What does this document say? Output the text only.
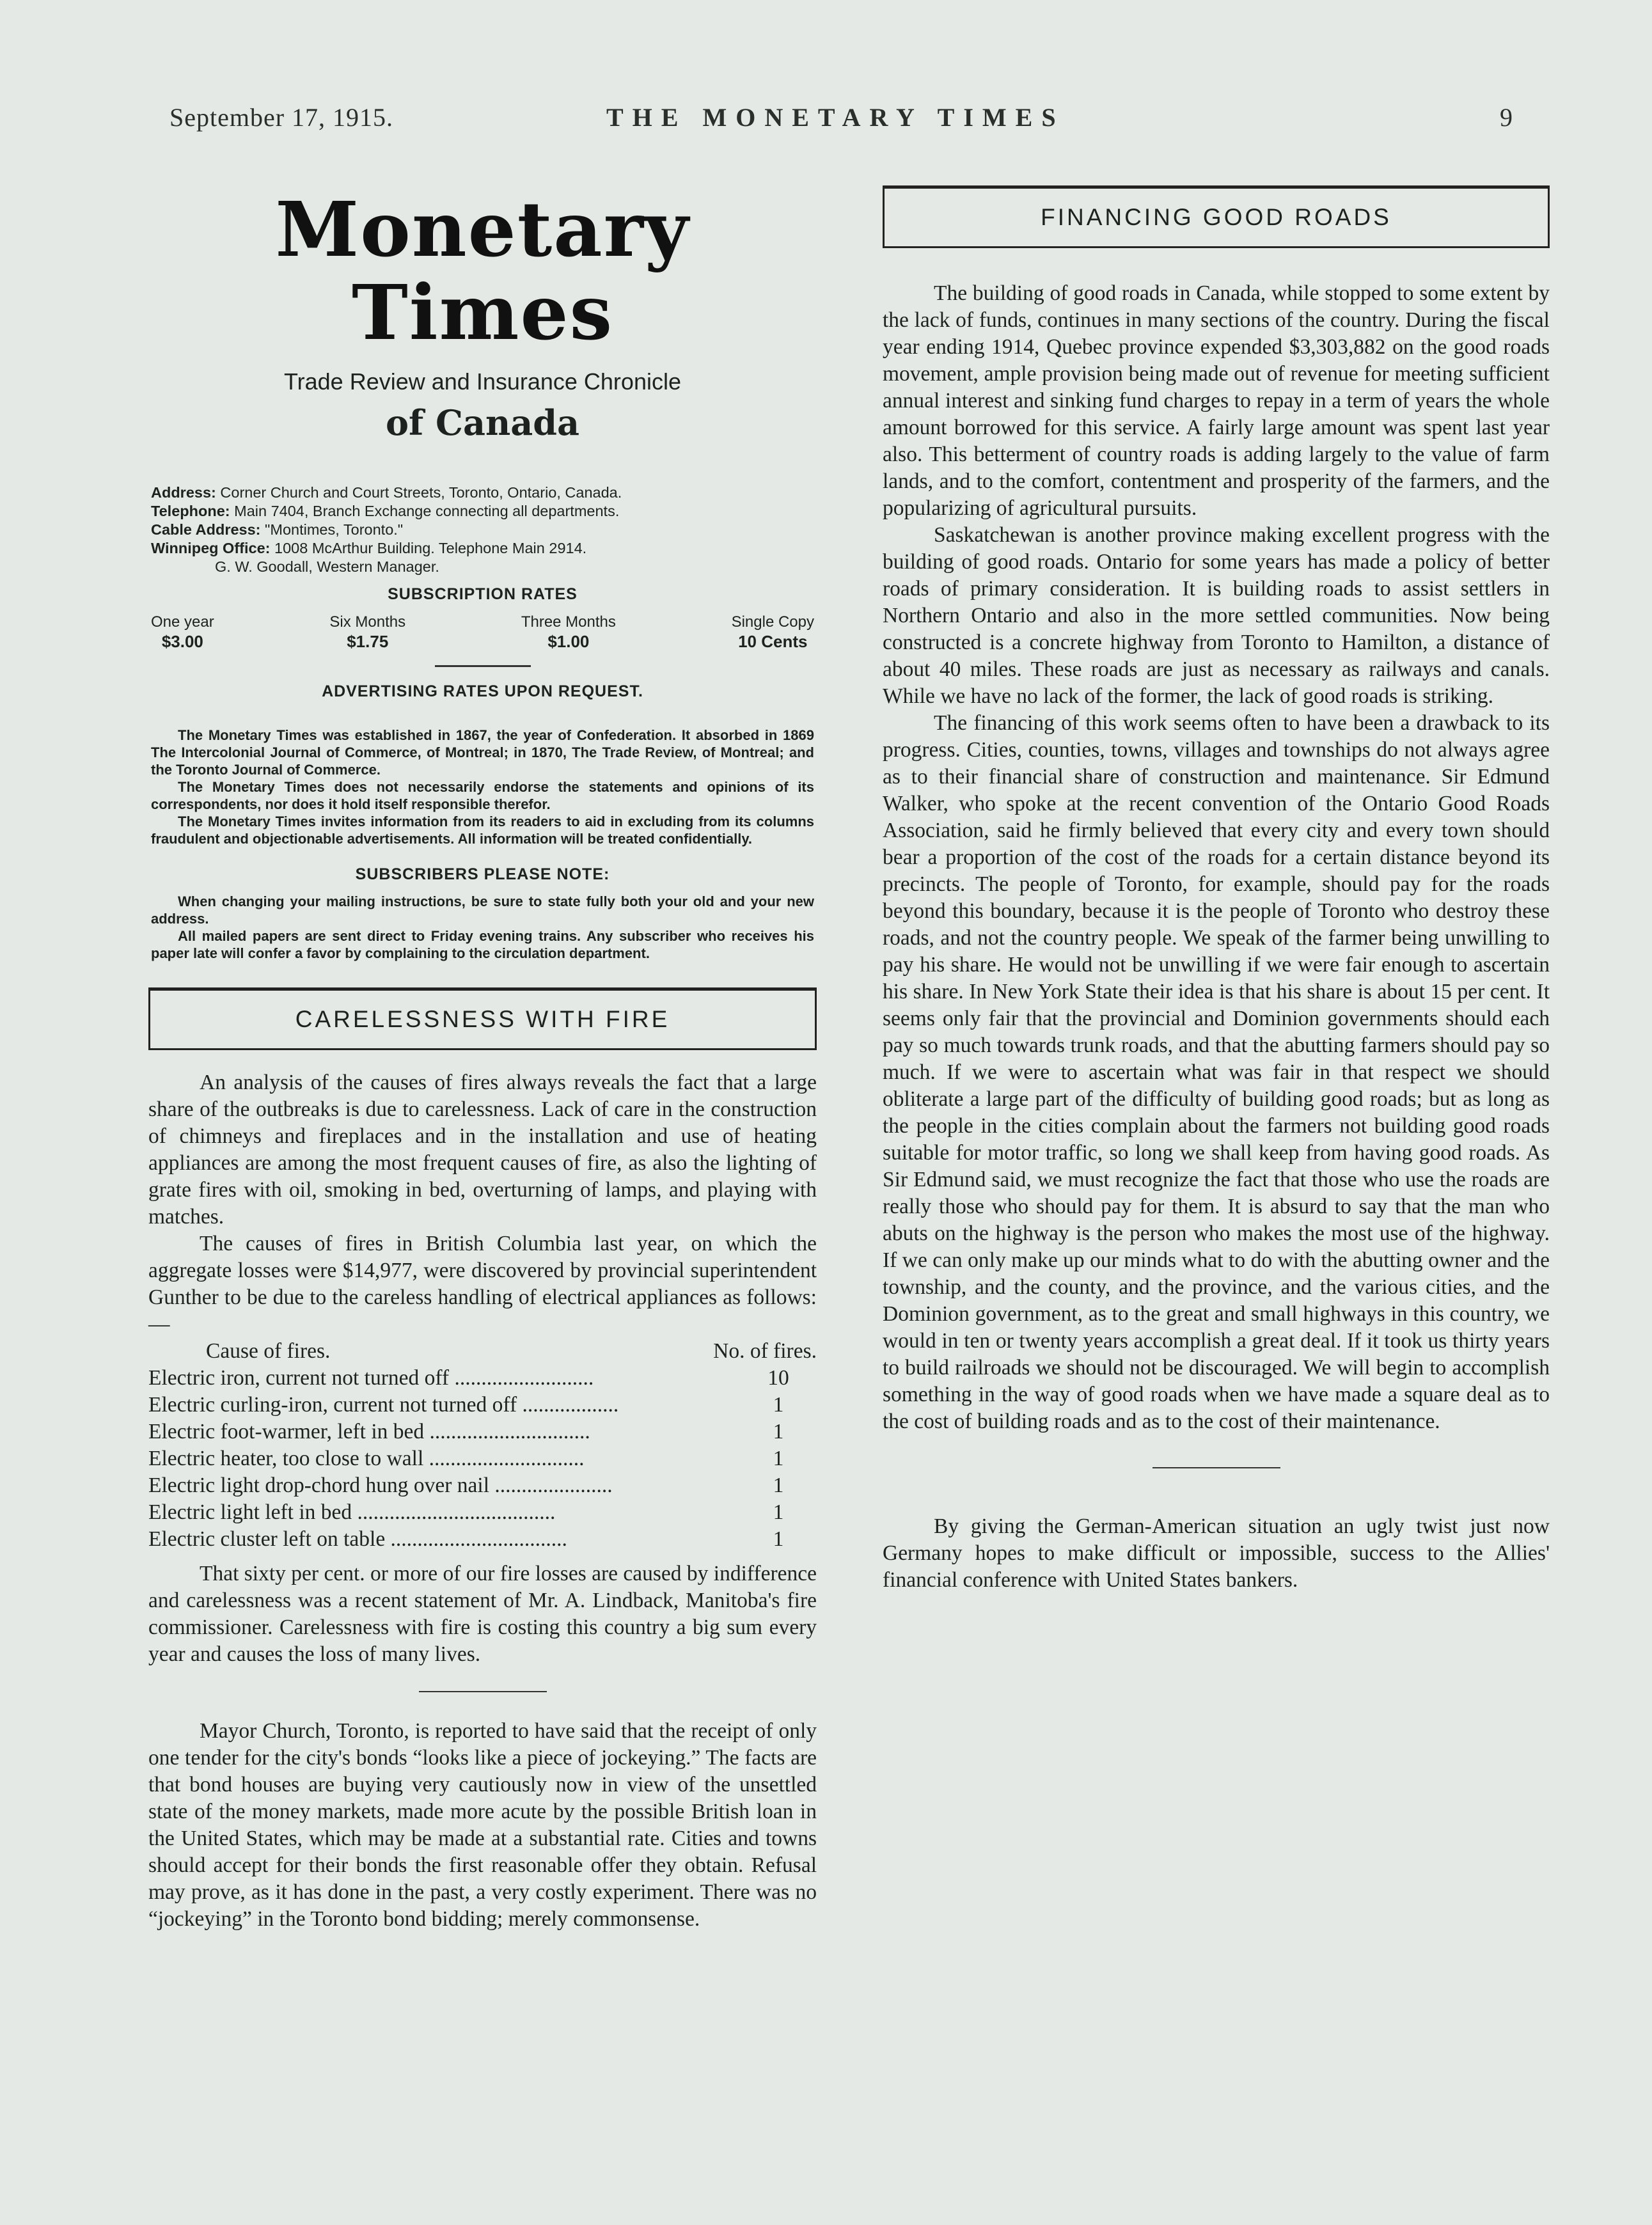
September 17, 1915.	THE MONETARY TIMES	9
Monetary Times
Trade Review and Insurance Chronicle
of Canada
Address: Corner Church and Court Streets, Toronto, Ontario, Canada.
Telephone: Main 7404, Branch Exchange connecting all departments.
Cable Address: "Montimes, Toronto."
Winnipeg Office: 1008 McArthur Building. Telephone Main 2914.
G. W. Goodall, Western Manager.
SUBSCRIPTION RATES
One year
$3.00
Six Months
$1.75
Three Months
$1.00
Single Copy
10 Cents
ADVERTISING RATES UPON REQUEST.

The Monetary Times was established in 1867, the year of Confederation. It absorbed in 1869 The Intercolonial Journal of Commerce, of Montreal; in 1870, The Trade Review, of Montreal; and the Toronto Journal of Commerce.

The Monetary Times does not necessarily endorse the statements and opinions of its correspondents, nor does it hold itself responsible therefor.

The Monetary Times invites information from its readers to aid in excluding from its columns fraudulent and objectionable advertisements. All information will be treated confidentially.

SUBSCRIBERS PLEASE NOTE:

When changing your mailing instructions, be sure to state fully both your old and your new address.

All mailed papers are sent direct to Friday evening trains. Any subscriber who receives his paper late will confer a favor by complaining to the circulation department.

CARELESSNESS WITH FIRE

An analysis of the causes of fires always reveals the fact that a large share of the outbreaks is due to carelessness. Lack of care in the construction of chimneys and fireplaces and in the installation and use of heating appliances are among the most frequent causes of fire, as also the lighting of grate fires with oil, smoking in bed, overturning of lamps, and playing with matches.

The causes of fires in British Columbia last year, on which the aggregate losses were $14,977, were discovered by provincial superintendent Gunther to be due to the careless handling of electrical appliances as follows:—

Cause of fires.	No. of fires.
Electric iron, current not turned off ..........................	10
Electric curling-iron, current not turned off ..................	1
Electric foot-warmer, left in bed ..............................	1
Electric heater, too close to wall .............................	1
Electric light drop-chord hung over nail ......................	1
Electric light left in bed .....................................	1
Electric cluster left on table .................................	1

That sixty per cent. or more of our fire losses are caused by indifference and carelessness was a recent statement of Mr. A. Lindback, Manitoba's fire commissioner. Carelessness with fire is costing this country a big sum every year and causes the loss of many lives.

Mayor Church, Toronto, is reported to have said that the receipt of only one tender for the city's bonds “looks like a piece of jockeying.” The facts are that bond houses are buying very cautiously now in view of the unsettled state of the money markets, made more acute by the possible British loan in the United States, which may be made at a substantial rate. Cities and towns should accept for their bonds the first reasonable offer they obtain. Refusal may prove, as it has done in the past, a very costly experiment. There was no “jockeying” in the Toronto bond bidding; merely commonsense.

FINANCING GOOD ROADS

The building of good roads in Canada, while stopped to some extent by the lack of funds, continues in many sections of the country. During the fiscal year ending 1914, Quebec province expended $3,303,882 on the good roads movement, ample provision being made out of revenue for meeting sufficient annual interest and sinking fund charges to repay in a term of years the whole amount borrowed for this service. A fairly large amount was spent last year also. This betterment of country roads is adding largely to the value of farm lands, and to the comfort, contentment and prosperity of the farmers, and the popularizing of agricultural pursuits.

Saskatchewan is another province making excellent progress with the building of good roads. Ontario for some years has made a policy of better roads of primary consideration. It is building roads to assist settlers in Northern Ontario and also in the more settled communities. Now being constructed is a concrete highway from Toronto to Hamilton, a distance of about 40 miles. These roads are just as necessary as railways and canals. While we have no lack of the former, the lack of good roads is striking.

The financing of this work seems often to have been a drawback to its progress. Cities, counties, towns, villages and townships do not always agree as to their financial share of construction and maintenance. Sir Edmund Walker, who spoke at the recent convention of the Ontario Good Roads Association, said he firmly believed that every city and every town should bear a proportion of the cost of the roads for a certain distance beyond its precincts. The people of Toronto, for example, should pay for the roads beyond this boundary, because it is the people of Toronto who destroy these roads, and not the country people. We speak of the farmer being unwilling to pay his share. He would not be unwilling if we were fair enough to ascertain his share. In New York State their idea is that his share is about 15 per cent. It seems only fair that the provincial and Dominion governments should each pay so much towards trunk roads, and that the abutting farmers should pay so much. If we were to ascertain what was fair in that respect we should obliterate a large part of the difficulty of building good roads; but as long as the people in the cities complain about the farmers not building good roads suitable for motor traffic, so long we shall keep from having good roads. As Sir Edmund said, we must recognize the fact that those who use the roads are really those who should pay for them. It is absurd to say that the man who abuts on the highway is the person who makes the most use of the highway. If we can only make up our minds what to do with the abutting owner and the township, and the county, and the province, and the various cities, and the Dominion government, as to the great and small highways in this country, we would in ten or twenty years accomplish a great deal. If it took us thirty years to build railroads we should not be discouraged. We will begin to accomplish something in the way of good roads when we have made a square deal as to the cost of building roads and as to the cost of their maintenance.

By giving the German-American situation an ugly twist just now Germany hopes to make difficult or impossible, success to the Allies' financial conference with United States bankers.
